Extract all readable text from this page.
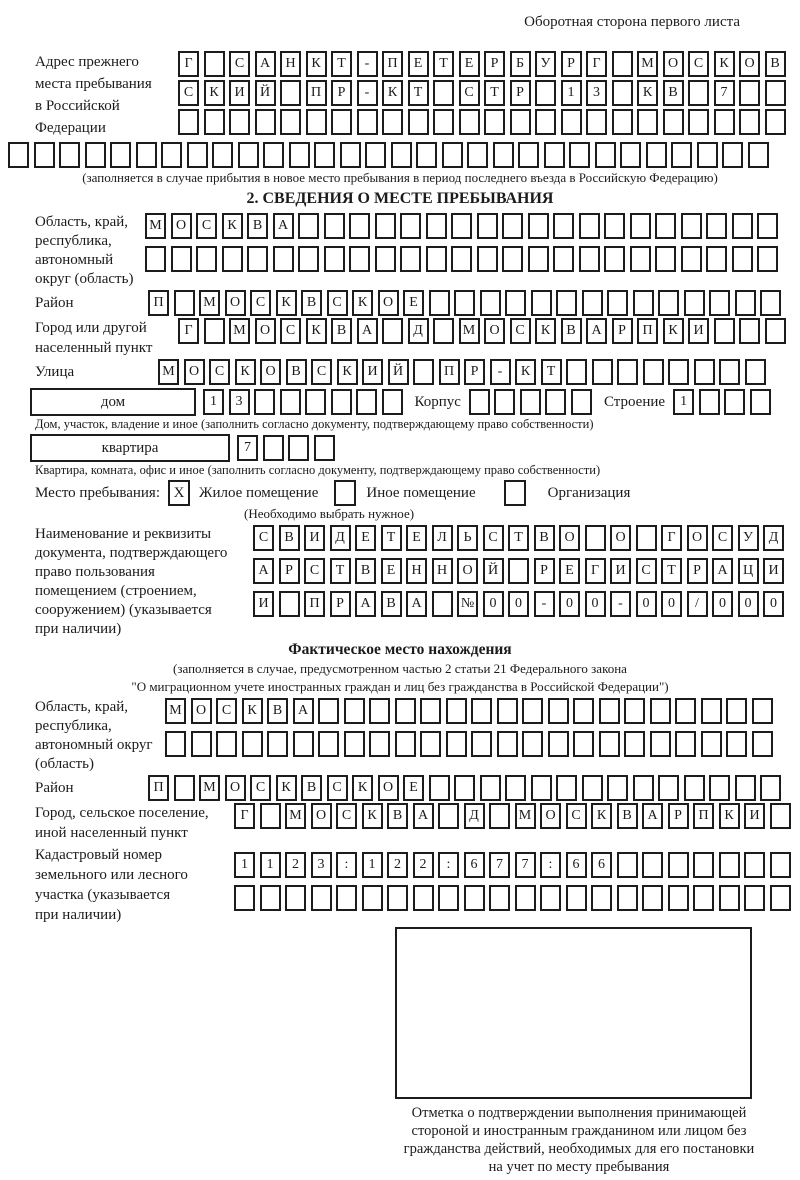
Оборотная сторона первого листа
Адрес прежнего
места пребывания
в Российской
Федерации
Г	С	А	Н	К	Т	-	П	Е	Т	Е	Р	Б	У	Р	Г	М	О	С	К	О	В
С	К	И	Й	П	Р	-	К	Т	С	Т	Р	1	3	К	В	7
(заполняется в случае прибытия в новое место пребывания в период последнего въезда в Российскую Федерацию)
2. СВЕДЕНИЯ О МЕСТЕ ПРЕБЫВАНИЯ
Область, край,
республика,
автономный
округ (область)
М	О	С	К	В	А
Район	П	М	О	С	К	В	С	К	О	Е
Город или другой
населенный пункт
Г	М	О	С	К	В	А	Д	М	О	С	К	В	А	Р	П	К	И
Улица	М	О	С	К	О	В	С	К	И	Й	П	Р	-	К	Т
дом	1	3	Корпус	Строение	1
Дом, участок, владение и иное (заполнить согласно документу, подтверждающему право собственности)
квартира	7
Квартира, комната, офис и иное (заполнить согласно документу, подтверждающему право собственности)
Место пребывания: X Жилое помещение	Иное помещение	Организация
(Необходимо выбрать нужное)
Наименование и реквизиты
документа, подтверждающего
право пользования
помещением (строением,
сооружением) (указывается
при наличии)
С	В	И	Д	Е	Т	Е	Л	Ь	С	Т	В	О	О	Г	О	С	У	Д
А	Р	С	Т	В	Е	Н	Н	О	Й	Р	Е	Г	И	С	Т	Р	А	Ц	И
И	П	Р	А	В	А	№	0	0	-	0	0	-	0	0	/	0	0	0
Фактическое место нахождения
(заполняется в случае, предусмотренном частью 2 статьи 21 Федерального закона
"О миграционном учете иностранных граждан и лиц без гражданства в Российской Федерации")
Область, край,
республика,
автономный округ
(область)
М	О	С	К	В	А
Район	П	М	О	С	К	В	С	К	О	Е
Город, сельское поселение,
иной населенный пункт
Г	М	О	С	К	В	А	Д	М	О	С	К	В	А	Р	П	К	И
Кадастровый номер
земельного или лесного
участка (указывается
при наличии)
1	1	2	3	:	1	2	2	:	6	7	7	:	6	6
Отметка о подтверждении выполнения принимающей
стороной и иностранным гражданином или лицом без
гражданства действий, необходимых для его постановки
на учет по месту пребывания
